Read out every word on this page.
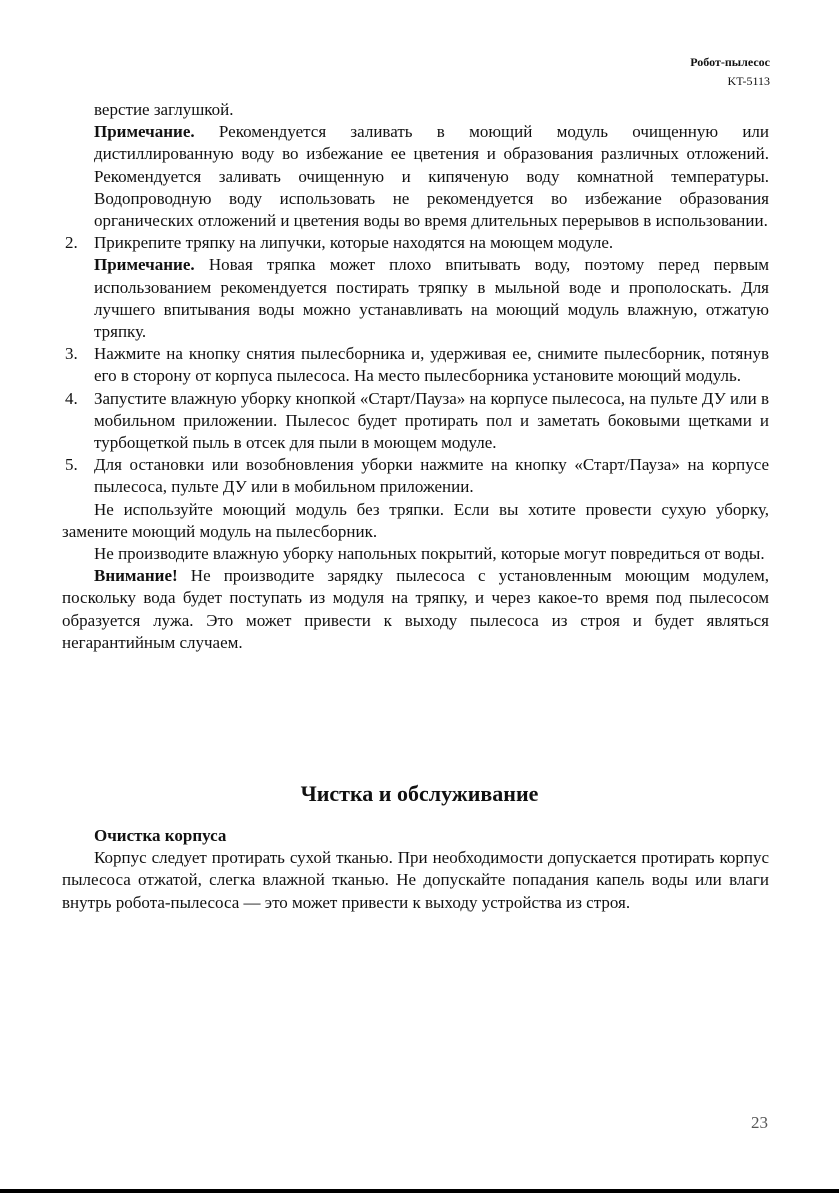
Робот-пылесос
KT-5113

верстие заглушкой.

Примечание. Рекомендуется заливать в моющий модуль очищенную или дистиллированную воду во избежание ее цветения и образования различных отложений. Рекомендуется заливать очищенную и кипяченую воду комнатной температуры. Водопроводную воду использовать не рекомендуется во избежание образования органических отложений и цветения воды во время длительных перерывов в использовании.

2. Прикрепите тряпку на липучки, которые находятся на моющем модуле.

Примечание. Новая тряпка может плохо впитывать воду, поэтому перед первым использованием рекомендуется постирать тряпку в мыльной воде и прополоскать. Для лучшего впитывания воды можно устанавливать на моющий модуль влажную, отжатую тряпку.

3. Нажмите на кнопку снятия пылесборника и, удерживая ее, снимите пылесборник, потянув его в сторону от корпуса пылесоса. На место пылесборника установите моющий модуль.

4. Запустите влажную уборку кнопкой «Старт/Пауза» на корпусе пылесоса, на пульте ДУ или в мобильном приложении. Пылесос будет протирать пол и заметать боковыми щетками и турбощеткой пыль в отсек для пыли в моющем модуле.

5. Для остановки или возобновления уборки нажмите на кнопку «Старт/Пауза» на корпусе пылесоса, пульте ДУ или в мобильном приложении.

Не используйте моющий модуль без тряпки. Если вы хотите провести сухую уборку, замените моющий модуль на пылесборник.

Не производите влажную уборку напольных покрытий, которые могут повредиться от воды.

Внимание! Не производите зарядку пылесоса с установленным моющим модулем, поскольку вода будет поступать из модуля на тряпку, и через какое-то время под пылесосом образуется лужа. Это может привести к выходу пылесоса из строя и будет являться негарантийным случаем.

Чистка и обслуживание

Очистка корпуса

Корпус следует протирать сухой тканью. При необходимости допускается протирать корпус пылесоса отжатой, слегка влажной тканью. Не допускайте попадания капель воды или влаги внутрь робота-пылесоса — это может привести к выходу устройства из строя.

23
